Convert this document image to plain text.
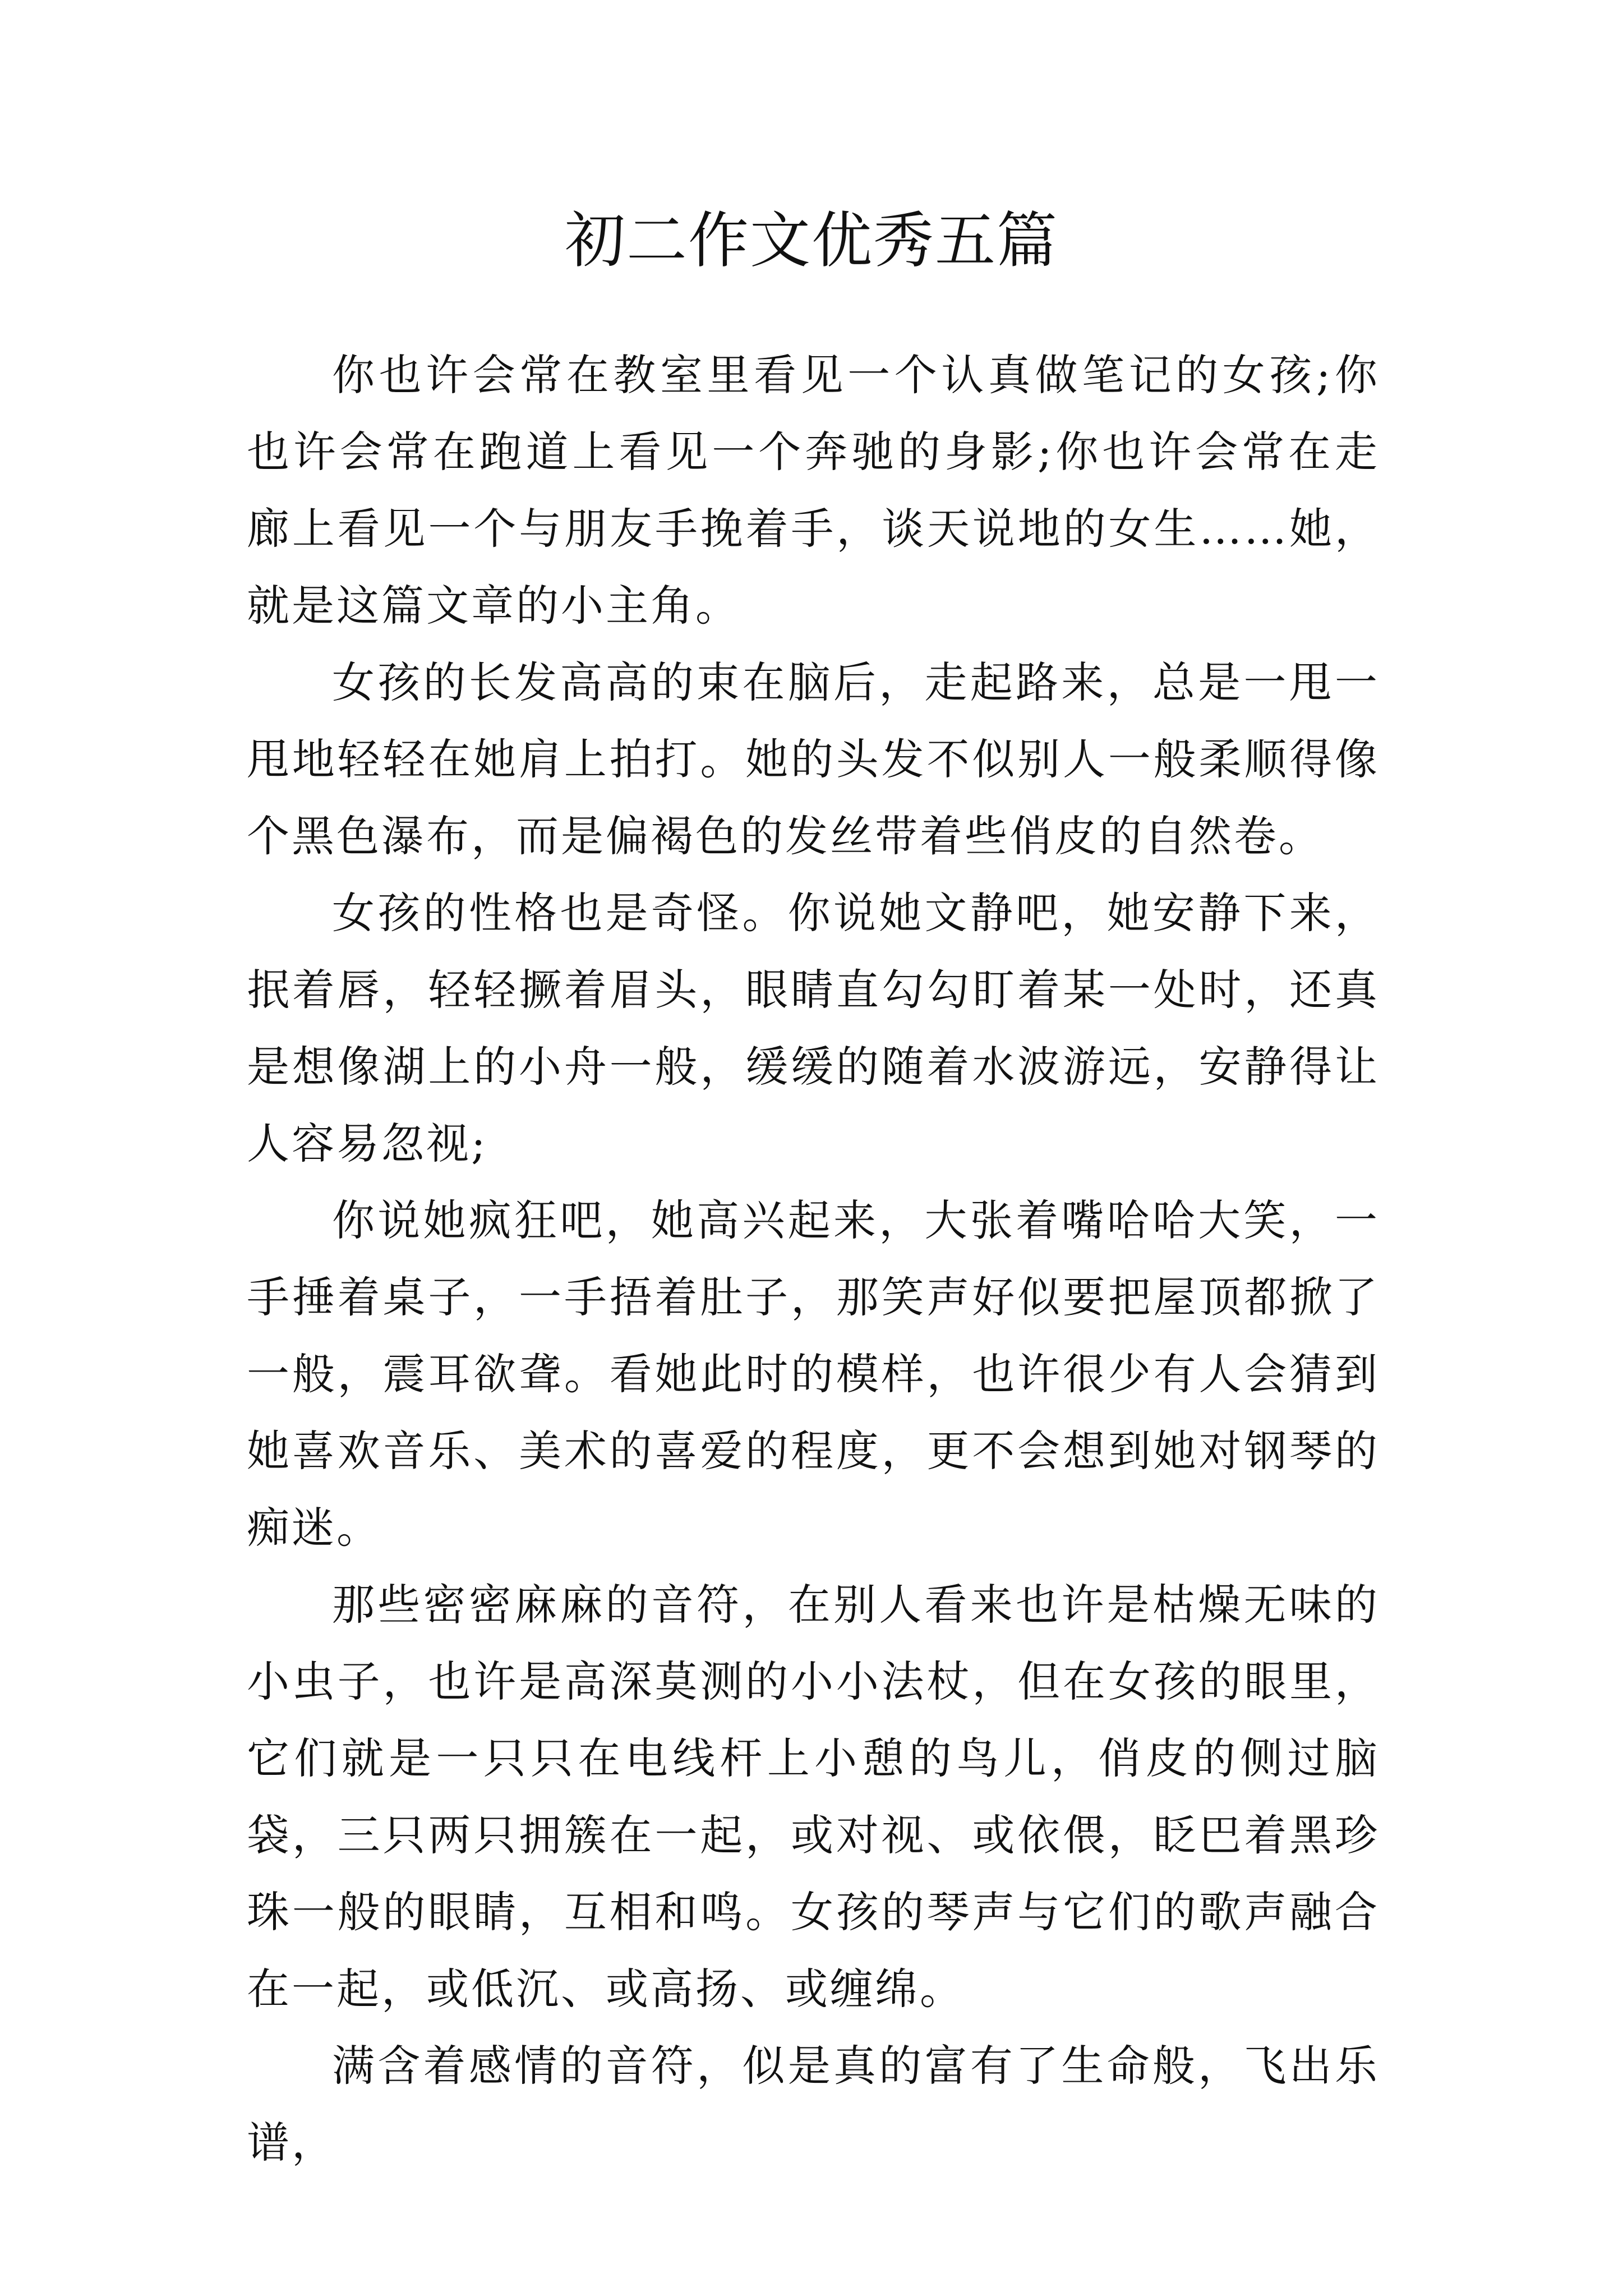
初二作文优秀五篇

你也许会常在教室里看见一个认真做笔记的女孩;你也许会常在跑道上看见一个奔驰的身影;你也许会常在走廊上看见一个与朋友手挽着手，谈天说地的女生……她，就是这篇文章的小主角。

女孩的长发高高的束在脑后，走起路来，总是一甩一甩地轻轻在她肩上拍打。她的头发不似别人一般柔顺得像个黑色瀑布，而是偏褐色的发丝带着些俏皮的自然卷。

女孩的性格也是奇怪。你说她文静吧，她安静下来，抿着唇，轻轻撅着眉头，眼睛直勾勾盯着某一处时，还真是想像湖上的小舟一般，缓缓的随着水波游远，安静得让人容易忽视;

你说她疯狂吧，她高兴起来，大张着嘴哈哈大笑，一手捶着桌子，一手捂着肚子，那笑声好似要把屋顶都掀了一般，震耳欲聋。看她此时的模样，也许很少有人会猜到她喜欢音乐、美术的喜爱的程度，更不会想到她对钢琴的痴迷。

那些密密麻麻的音符，在别人看来也许是枯燥无味的小虫子，也许是高深莫测的小小法杖，但在女孩的眼里，它们就是一只只在电线杆上小憩的鸟儿，俏皮的侧过脑袋，三只两只拥簇在一起，或对视、或依偎，眨巴着黑珍珠一般的眼睛，互相和鸣。女孩的琴声与它们的歌声融合在一起，或低沉、或高扬、或缠绵。

满含着感情的音符，似是真的富有了生命般，飞出乐谱，
